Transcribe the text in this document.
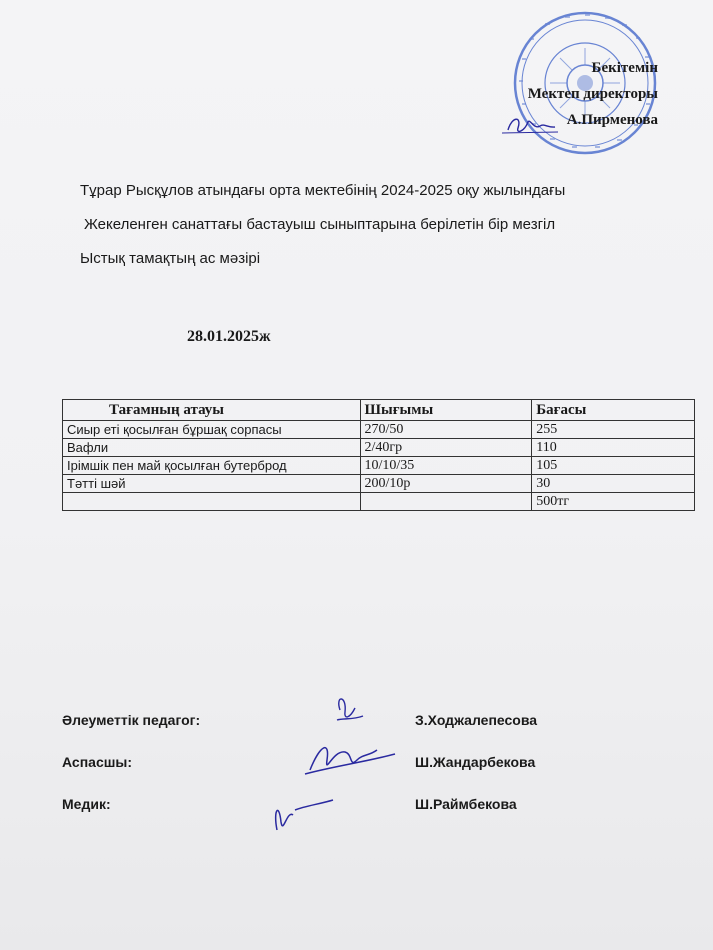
Бекітемін
Мектеп директоры
А.Пирменова
Тұрар Рысқұлов атындағы орта мектебінің 2024-2025 оқу жылындағы
Жекеленген санаттағы бастауыш сыныптарына берілетін бір мезгіл
Ыстық тамақтың ас мәзірі
28.01.2025ж
Тағамның атауы	Шығымы	Бағасы
Сиыр еті қосылған бұршақ сорпасы	270/50	255
Вафли	2/40гр	110
Ірімшік пен май қосылған бутерброд	10/10/35	105
Тәтті шәй	200/10р	30
		500тг
Әлеуметтік педагог:	З.Ходжалепесова
Аспасшы:	Ш.Жандарбекова
Медик:	Ш.Раймбекова
